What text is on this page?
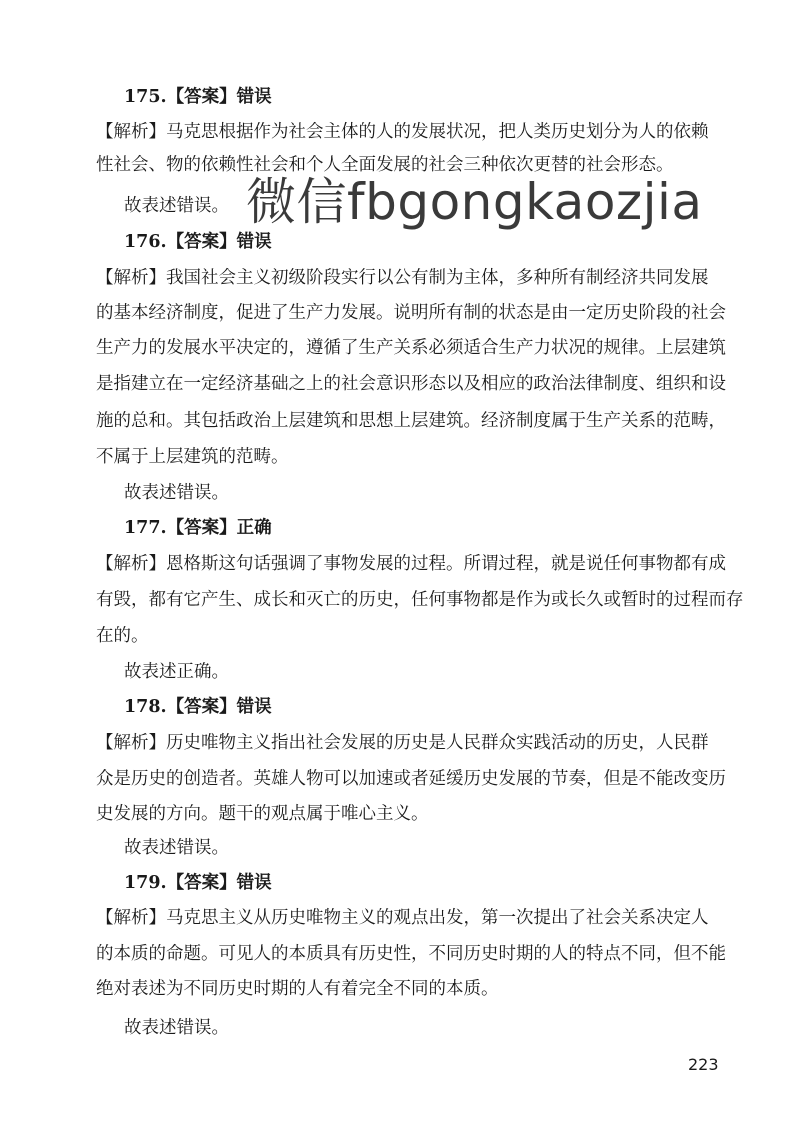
175.【答案】错误
【解析】马克思根据作为社会主体的人的发展状况，把人类历史划分为人的依赖
性社会、物的依赖性社会和个人全面发展的社会三种依次更替的社会形态。
故表述错误。
176.【答案】错误
【解析】我国社会主义初级阶段实行以公有制为主体，多种所有制经济共同发展
的基本经济制度，促进了生产力发展。说明所有制的状态是由一定历史阶段的社会
生产力的发展水平决定的，遵循了生产关系必须适合生产力状况的规律。上层建筑
是指建立在一定经济基础之上的社会意识形态以及相应的政治法律制度、组织和设
施的总和。其包括政治上层建筑和思想上层建筑。经济制度属于生产关系的范畴，
不属于上层建筑的范畴。
故表述错误。
177.【答案】正确
【解析】恩格斯这句话强调了事物发展的过程。所谓过程，就是说任何事物都有成
有毁，都有它产生、成长和灭亡的历史，任何事物都是作为或长久或暂时的过程而存
在的。
故表述正确。
178.【答案】错误
【解析】历史唯物主义指出社会发展的历史是人民群众实践活动的历史，人民群
众是历史的创造者。英雄人物可以加速或者延缓历史发展的节奏，但是不能改变历
史发展的方向。题干的观点属于唯心主义。
故表述错误。
179.【答案】错误
【解析】马克思主义从历史唯物主义的观点出发，第一次提出了社会关系决定人
的本质的命题。可见人的本质具有历史性，不同历史时期的人的特点不同，但不能
绝对表述为不同历史时期的人有着完全不同的本质。
故表述错误。
微信fbgongkaozjia
223
